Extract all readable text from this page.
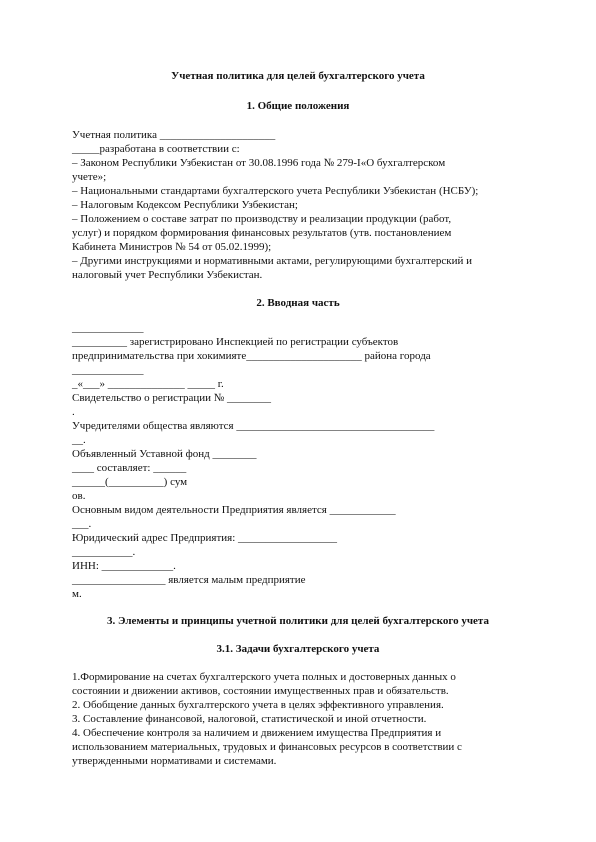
Учетная политика для целей бухгалтерского учета
1. Общие положения
Учетная политика _____________________
_____разработана в соответствии с:
– Законом Республики Узбекистан от 30.08.1996 года № 279-I«О бухгалтерском
учете»;
– Национальными стандартами бухгалтерского учета Республики Узбекистан (НСБУ);
– Налоговым Кодексом Республики Узбекистан;
– Положением о составе затрат по производству и реализации продукции (работ,
услуг) и порядком формирования финансовых результатов (утв. постановлением
Кабинета Министров № 54 от 05.02.1999);
– Другими инструкциями и нормативными актами, регулирующими бухгалтерский и
налоговый учет Республики Узбекистан.
2. Вводная часть
_____________
__________ зарегистрировано Инспекцией по регистрации субъектов
предпринимательства при хокимияте_____________________ района города
_____________
_«___» ______________ _____ г.
Свидетельство о регистрации № ________
.
Учредителями общества являются ____________________________________
__.
Объявленный Уставной фонд ________
____ составляет: ______
______(__________) сум
ов.
Основным видом деятельности Предприятия является ____________
___.
Юридический адрес Предприятия: __________________
___________.
ИНН: _____________.
_________________ является малым предприятие
м.
3. Элементы и принципы учетной политики для целей бухгалтерского учета
3.1. Задачи бухгалтерского учета
1.Формирование на счетах бухгалтерского учета полных и достоверных данных о
состоянии и движении активов, состоянии имущественных прав и обязательств.
2. Обобщение данных бухгалтерского учета в целях эффективного управления.
3. Составление финансовой, налоговой, статистической и иной отчетности.
4. Обеспечение контроля за наличием и движением имущества Предприятия и
использованием материальных, трудовых и финансовых ресурсов в соответствии с
утвержденными нормативами и системами.
